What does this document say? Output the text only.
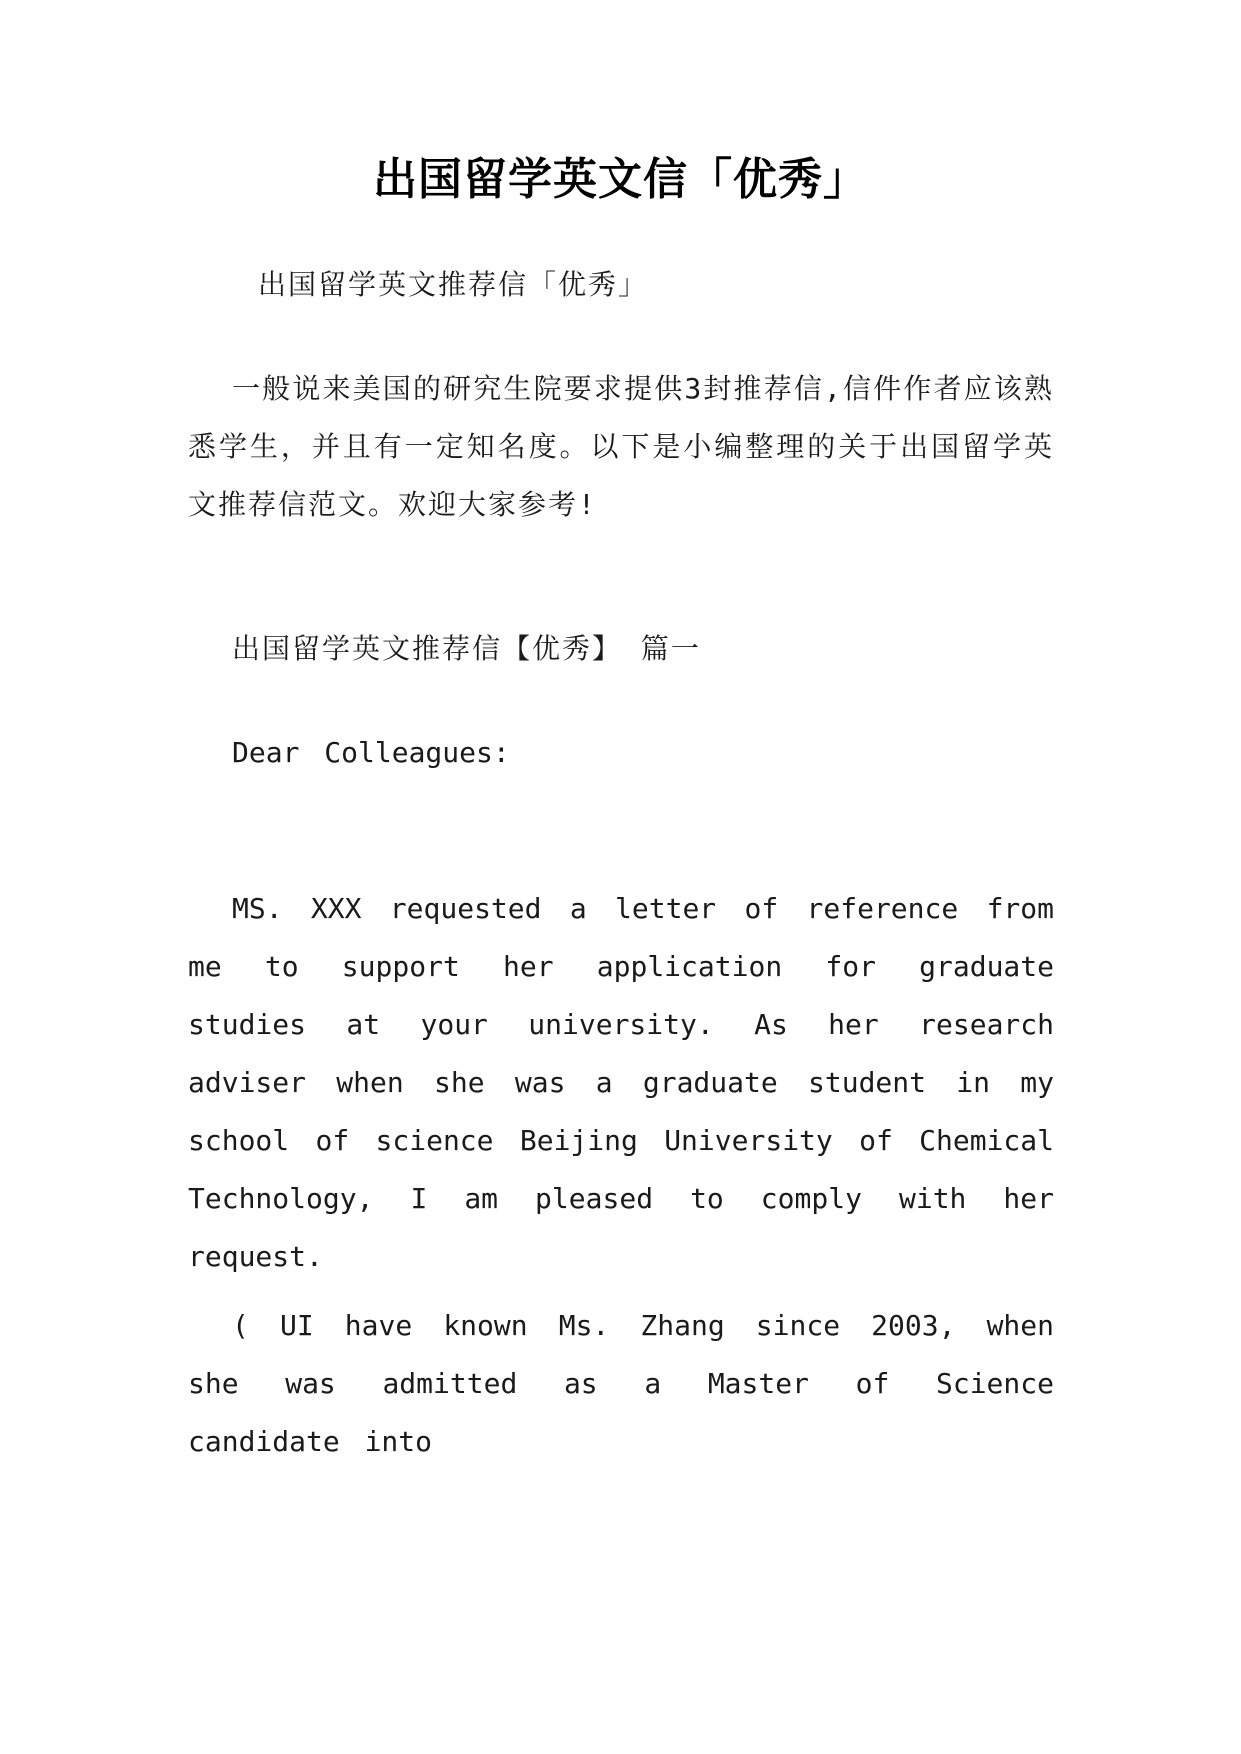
出国留学英文信「优秀」

出国留学英文推荐信「优秀」

一般说来美国的研究生院要求提供3封推荐信,信件作者应该熟悉学生，并且有一定知名度。以下是小编整理的关于出国留学英文推荐信范文。欢迎大家参考!

出国留学英文推荐信【优秀】 篇一

Dear Colleagues:

MS. XXX requested a letter of reference from me to support her application for graduate studies at your university. As her research adviser when she was a graduate student in my school of science Beijing University of Chemical Technology, I am pleased to comply with her request.

( UI have known Ms. Zhang since 2003, when she was admitted as a Master of Science candidate into
